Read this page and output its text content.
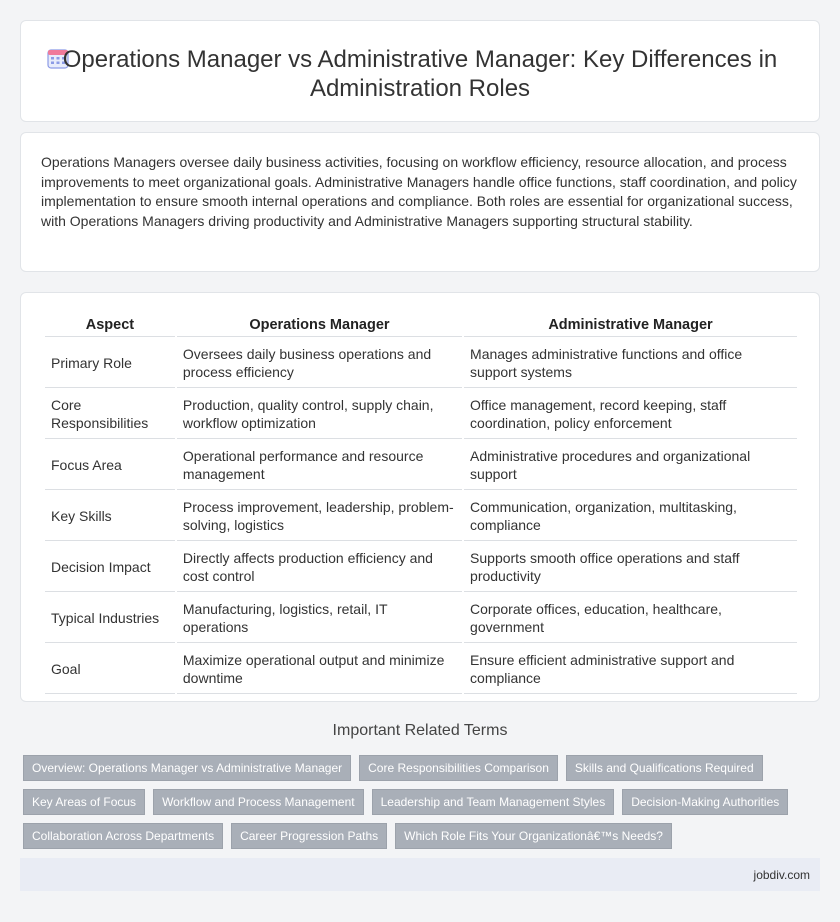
Operations Manager vs Administrative Manager: Key Differences in Administration Roles

Operations Managers oversee daily business activities, focusing on workflow efficiency, resource allocation, and process improvements to meet organizational goals. Administrative Managers handle office functions, staff coordination, and policy implementation to ensure smooth internal operations and compliance. Both roles are essential for organizational success, with Operations Managers driving productivity and Administrative Managers supporting structural stability.

Aspect	Operations Manager	Administrative Manager
Primary Role	Oversees daily business operations and process efficiency	Manages administrative functions and office support systems
Core Responsibilities	Production, quality control, supply chain, workflow optimization	Office management, record keeping, staff coordination, policy enforcement
Focus Area	Operational performance and resource management	Administrative procedures and organizational support
Key Skills	Process improvement, leadership, problem-solving, logistics	Communication, organization, multitasking, compliance
Decision Impact	Directly affects production efficiency and cost control	Supports smooth office operations and staff productivity
Typical Industries	Manufacturing, logistics, retail, IT operations	Corporate offices, education, healthcare, government
Goal	Maximize operational output and minimize downtime	Ensure efficient administrative support and compliance
Important Related Terms
Overview: Operations Manager vs Administrative Manager	Core Responsibilities Comparison	Skills and Qualifications Required
Key Areas of Focus	Workflow and Process Management	Leadership and Team Management Styles	Decision-Making Authorities
Collaboration Across Departments	Career Progression Paths	Which Role Fits Your Organizationâ€™s Needs?
jobdiv.com
